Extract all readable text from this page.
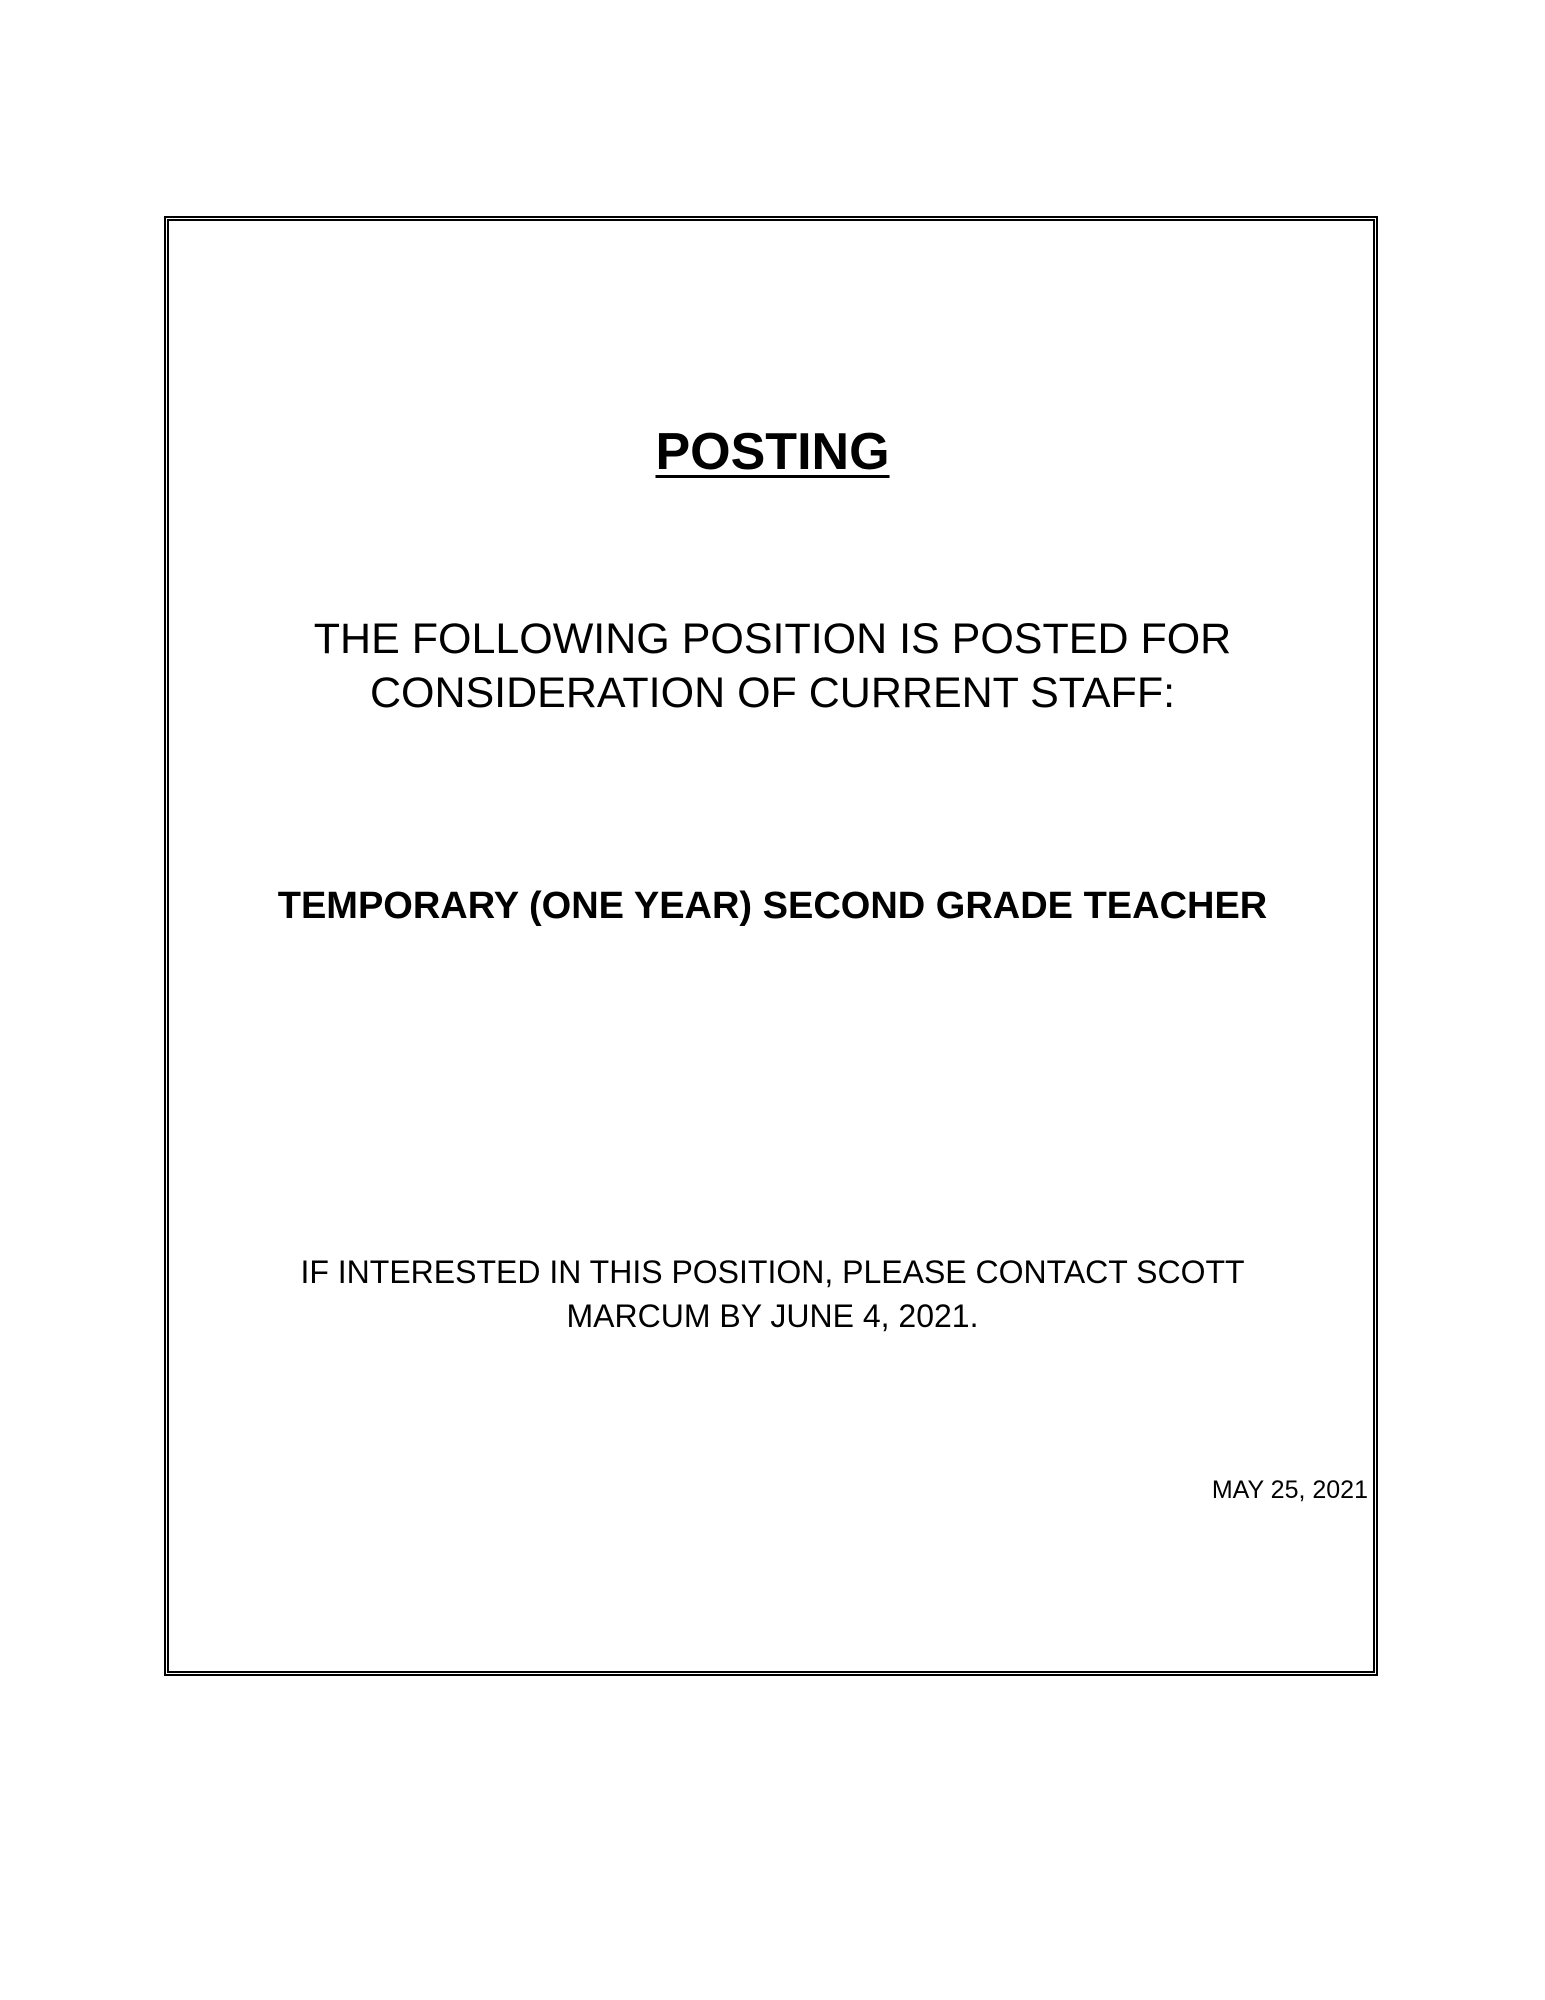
POSTING
THE FOLLOWING POSITION IS POSTED FOR
CONSIDERATION OF CURRENT STAFF:
TEMPORARY (ONE YEAR) SECOND GRADE TEACHER
IF INTERESTED IN THIS POSITION, PLEASE CONTACT SCOTT
MARCUM BY JUNE 4, 2021.
MAY 25, 2021
